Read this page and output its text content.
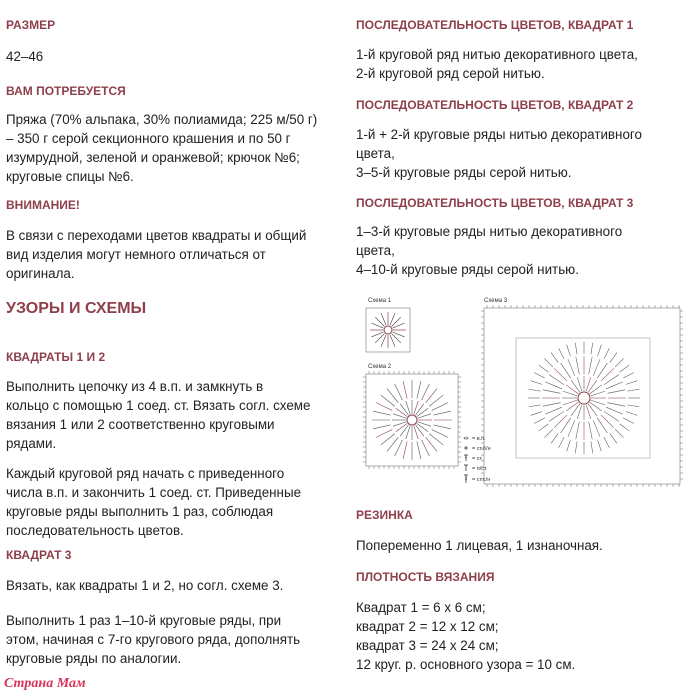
РАЗМЕР

42–46

ВАМ ПОТРЕБУЕТСЯ

Пряжа (70% альпака, 30% полиамида; 225 м/50 г)
– 350 г серой секционного крашения и по 50 г
изумрудной, зеленой и оранжевой; крючок №6;
круговые спицы №6.

ВНИМАНИЕ!

В связи с переходами цветов квадраты и общий
вид изделия могут немного отличаться от
оригинала.

УЗОРЫ И СХЕМЫ
КВАДРАТЫ 1 И 2

Выполнить цепочку из 4 в.п. и замкнуть в
кольцо с помощью 1 соед. ст. Вязать согл. схеме
вязания 1 или 2 соответственно круговыми
рядами.

Каждый круговой ряд начать с приведенного
числа в.п. и закончить 1 соед. ст. Приведенные
круговые ряды выполнить 1 раз, соблюдая
последовательность цветов.

КВАДРАТ 3

Вязать, как квадраты 1 и 2, но согл. схеме 3.

Выполнить 1 раз 1–10-й круговые ряды, при
этом, начиная с 7-го кругового ряда, дополнять
круговые ряды по аналогии.

ПОСЛЕДОВАТЕЛЬНОСТЬ ЦВЕТОВ, КВАДРАТ 1

1-й круговой ряд нитью декоративного цвета,
2-й круговой ряд серой нитью.

ПОСЛЕДОВАТЕЛЬНОСТЬ ЦВЕТОВ, КВАДРАТ 2

1-й + 2-й круговые ряды нитью декоративного
цвета,
3–5-й круговые ряды серой нитью.

ПОСЛЕДОВАТЕЛЬНОСТЬ ЦВЕТОВ, КВАДРАТ 3

1–3-й круговые ряды нитью декоративного
цвета,
4–10-й круговые ряды серой нитью.

РЕЗИНКА

Попеременно 1 лицевая, 1 изнаночная.

ПЛОТНОСТЬ ВЯЗАНИЯ

Квадрат 1 = 6 х 6 см;
квадрат 2 = 12 х 12 см;
квадрат 3 = 24 х 24 см;
12 круг. р. основного узора = 10 см.

Схема 1
Схема 2
Схема 3
= в.п.
= ст.б/н
= ст.
= п/ст.
= ст.с/н
Страна Мам
